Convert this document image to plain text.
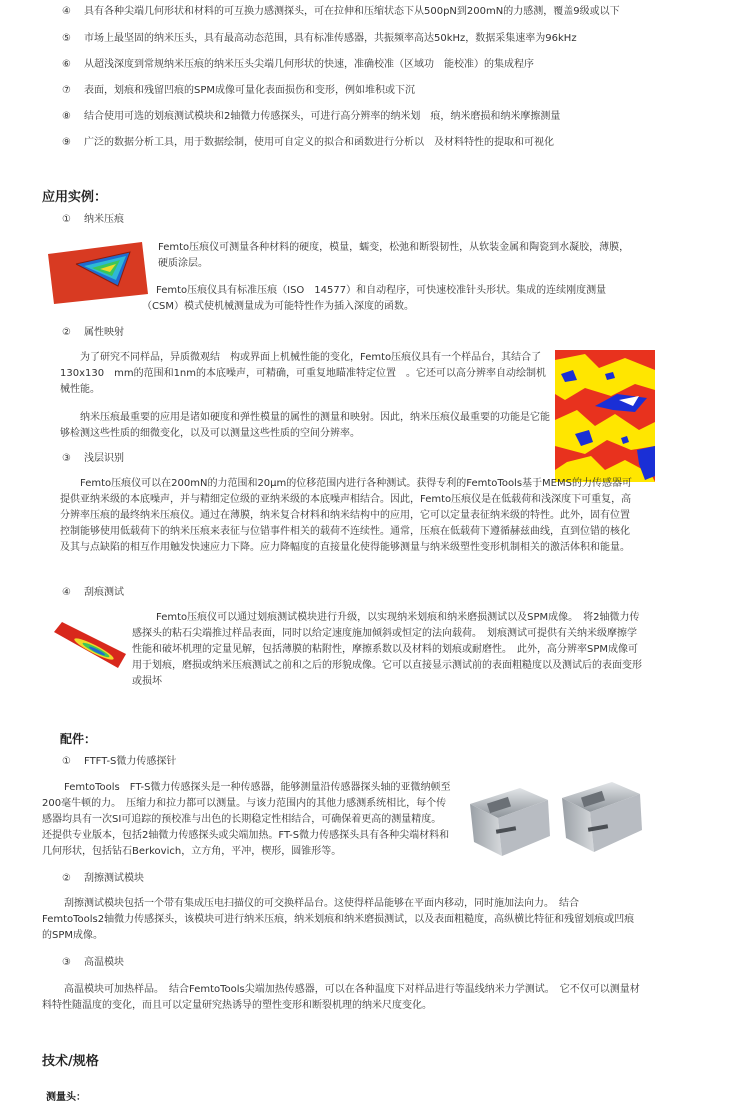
④ 具有各种尖端几何形状和材料的可互换力感测探头，可在拉伸和压缩状态下从500pN到200mN的力感测，覆盖9级或以下
⑤ 市场上最坚固的纳米压头，具有最高动态范围，具有标准传感器，共振频率高达50kHz，数据采集速率为96kHz
⑥ 从超浅深度到常规纳米压痕的纳米压头尖端几何形状的快速，准确校准（区域功　能校准）的集成程序
⑦ 表面，划痕和残留凹痕的SPM成像可量化表面损伤和变形，例如堆积或下沉
⑧ 结合使用可选的划痕测试模块和2轴微力传感探头，可进行高分辨率的纳米划　痕，纳米磨损和纳米摩擦测量
⑨ 广泛的数据分析工具，用于数据绘制，使用可自定义的拟合和函数进行分析以　及材料特性的提取和可视化
应用实例：
① 纳米压痕

Femto压痕仪可测量各种材料的硬度，模量，蠕变，松弛和断裂韧性，从软装金属和陶瓷到水凝胶，薄膜，硬质涂层。

Femto压痕仪具有标准压痕（ISO　14577）和自动程序，可快速校准针头形状。集成的连续刚度测量（CSM）模式使机械测量成为可能特性作为插入深度的函数。

② 属性映射

为了研究不同样品，异质微观结　构或界面上机械性能的变化，Femto压痕仪具有一个样品台，其结合了130x130　mm的范围和1nm的本底噪声，可精确，可重复地瞄准特定位置　。它还可以高分辨率自动绘制机械性能。

纳米压痕最重要的应用是诸如硬度和弹性模量的属性的测量和映射。因此，纳米压痕仪最重要的功能是它能够检测这些性质的细微变化，以及可以测量这些性质的空间分辨率。

③ 浅层识别

Femto压痕仪可以在200mN的力范围和20μm的位移范围内进行各种测试。获得专利的FemtoTools基于MEMS的力传感器可提供亚纳米级的本底噪声，并与精细定位级的亚纳米级的本底噪声相结合。因此，Femto压痕仪是在低载荷和浅深度下可重复，高分辨率压痕的最终纳米压痕仪。通过在薄膜，纳米复合材料和纳米结构中的应用，它可以定量表征纳米级的特性。此外，固有位置控制能够使用低载荷下的纳米压痕来表征与位错事件相关的载荷不连续性。通常，压痕在低载荷下遵循赫兹曲线，直到位错的核化及其与点缺陷的相互作用触发快速应力下降。应力降幅度的直接量化使得能够测量与纳米级塑性变形机制相关的激活体积和能量。

④ 刮痕测试

Femto压痕仪可以通过划痕测试模块进行升级，以实现纳米划痕和纳米磨损测试以及SPM成像。　将2轴微力传感探头的粘石尖端推过样品表面，同时以给定速度施加倾斜或恒定的法向载荷。　划痕测试可提供有关纳米级摩擦学性能和破坏机理的定量见解，包括薄膜的粘附性，摩擦系数以及材料的划痕或耐磨性。　此外，高分辨率SPM成像可用于划痕，磨损或纳米压痕测试之前和之后的形貌成像。它可以直接显示测试前的表面粗糙度以及测试后的表面变形或损坏

配件：
① FTFT-S微力传感探针

FemtoTools　FT-S微力传感探头是一种传感器，能够测量沿传感器探头轴的亚微纳顿至200毫牛顿的力。　压缩力和拉力都可以测量。与该力范围内的其他力感测系统相比，每个传感器均具有一次SI可追踪的预校准与出色的长期稳定性相结合，可确保着更高的测量精度。　还提供专业版本，包括2轴微力传感探头或尖端加热。FT-S微力传感探头具有各种尖端材料和几何形状，包括钻石Berkovich，立方角，平冲，楔形，圆锥形等。

② 刮擦测试模块

刮擦测试模块包括一个带有集成压电扫描仪的可交换样品台。这使得样品能够在平面内移动，同时施加法向力。　结合FemtoTools2轴微力传感探头，该模块可进行纳米压痕，纳米划痕和纳米磨损测试，以及表面粗糙度，高纵横比特征和残留划痕或凹痕的SPM成像。

③ 高温模块

高温模块可加热样品。　结合FemtoTools尖端加热传感器，可以在各种温度下对样品进行等温线纳米力学测试。　它不仅可以测量材料特性随温度的变化，而且可以定量研究热诱导的塑性变形和断裂机理的纳米尺度变化。

技术/规格
测量头：
